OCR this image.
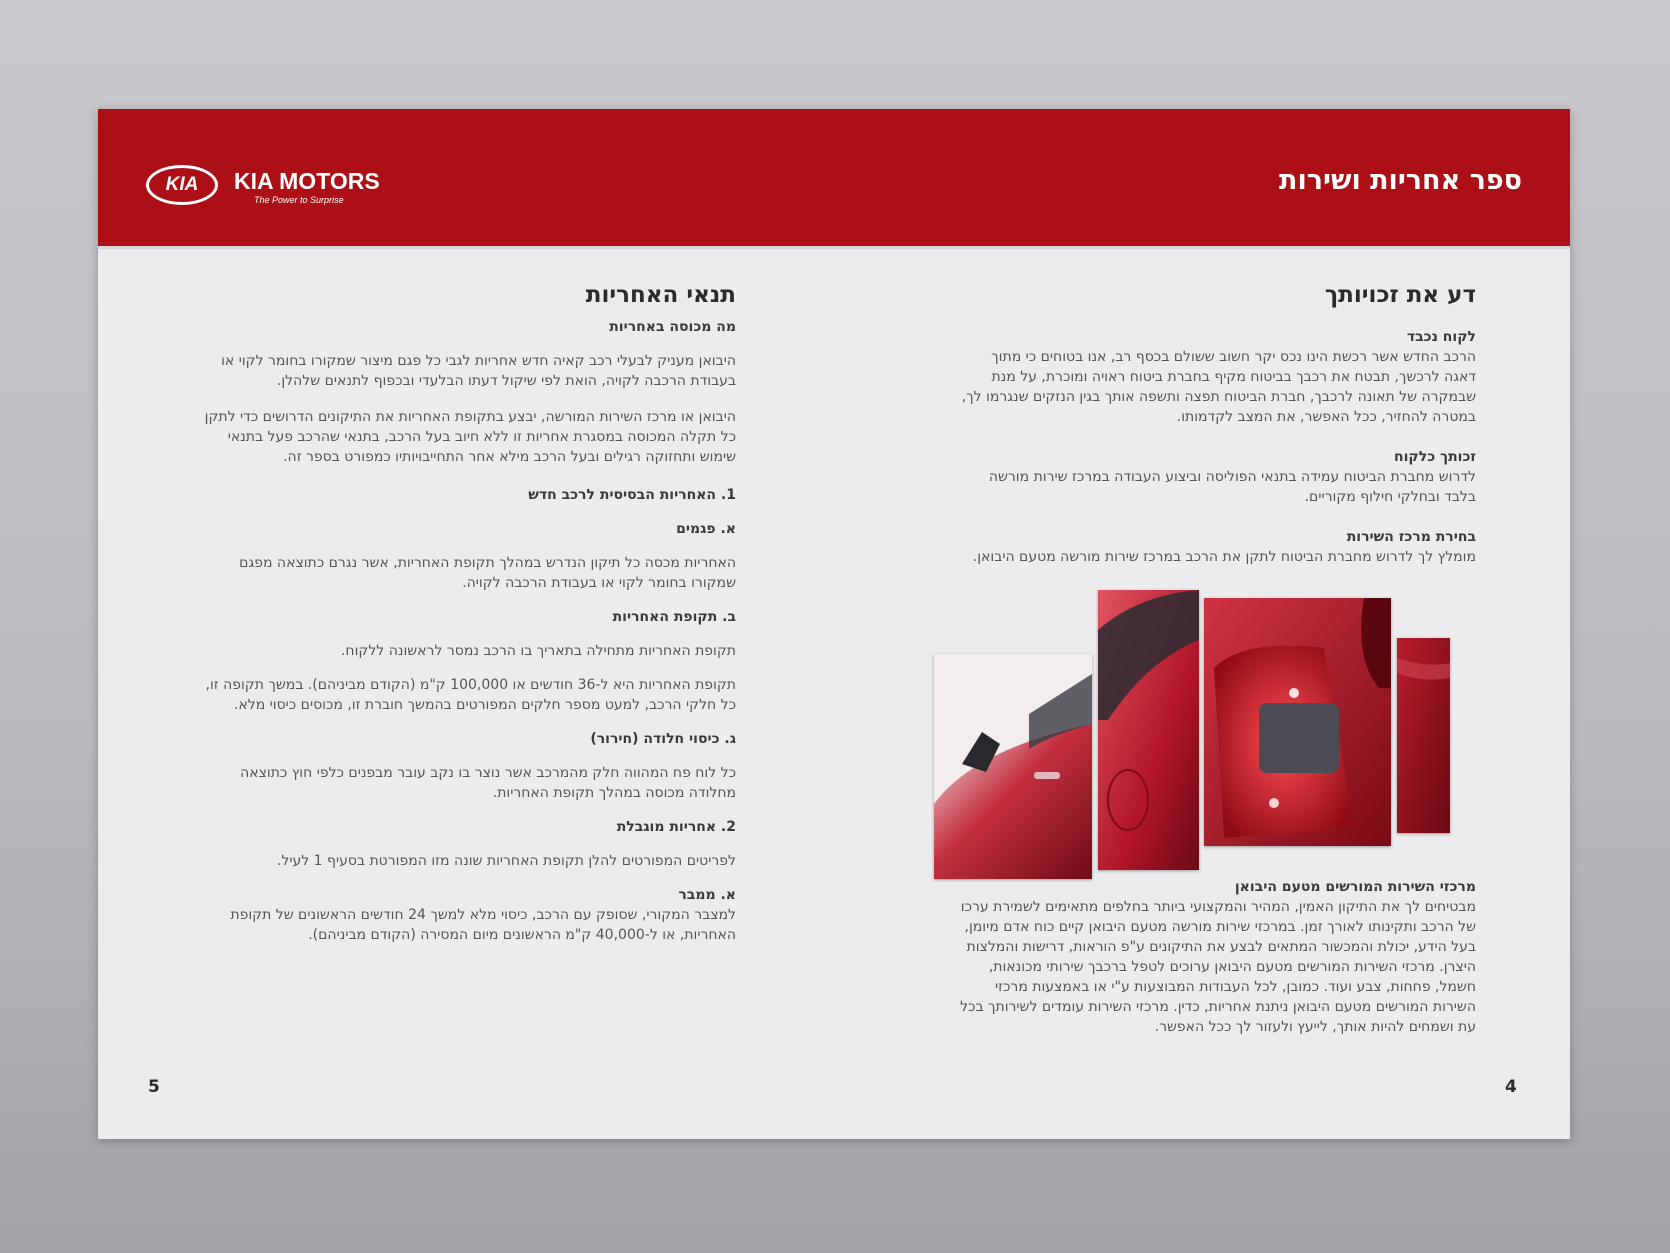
KIA	KIA MOTORS
The Power to Surprise
ספר אחריות ושירות
דע את זכויותך
לקוח נכבד

הרכב החדש אשר רכשת הינו נכס יקר חשוב ששולם בכסף רב, אנו בטוחים כי מתוך דאגה לרכשך, תבטח את רכבך בביטוח מקיף בחברת ביטוח ראויה ומוכרת, על מנת שבמקרה של תאונה לרכבך, חברת הביטוח תפצה ותשפה אותך בגין הנזקים שנגרמו לך, במטרה להחזיר, ככל האפשר, את המצב לקדמותו.

זכותך כלקוח

לדרוש מחברת הביטוח עמידה בתנאי הפוליסה וביצוע העבודה במרכז שירות מורשה בלבד ובחלקי חילוף מקוריים.

בחירת מרכז השירות

מומלץ לך לדרוש מחברת הביטוח לתקן את הרכב במרכז שירות מורשה מטעם היבואן.

מרכזי השירות המורשים מטעם היבואן

מבטיחים לך את התיקון האמין, המהיר והמקצועי ביותר בחלפים מתאימים לשמירת ערכו של הרכב ותקינותו לאורך זמן. במרכזי שירות מורשה מטעם היבואן קיים כוח אדם מיומן, בעל הידע, יכולת והמכשור המתאים לבצע את התיקונים ע"פ הוראות, דרישות והמלצות היצרן. מרכזי השירות המורשים מטעם היבואן ערוכים לטפל ברכבך שירותי מכונאות, חשמל, פחחות, צבע ועוד. כמובן, לכל העבודות המבוצעות ע"י או באמצעות מרכזי השירות המורשים מטעם היבואן ניתנת אחריות, כדין. מרכזי השירות עומדים לשירותך בכל עת ושמחים להיות אותך, לייעץ ולעזור לך ככל האפשר.

4
תנאי האחריות
מה מכוסה באחריות

היבואן מעניק לבעלי רכב קאיה חדש אחריות לגבי כל פגם מיצור שמקורו בחומר לקוי או בעבודת הרכבה לקויה, הואת לפי שיקול דעתו הבלעדי ובכפוף לתנאים שלהלן.

היבואן או מרכז השירות המורשה, יבצע בתקופת האחריות את התיקונים הדרושים כדי לתקן כל תקלה המכוסה במסגרת אחריות זו ללא חיוב בעל הרכב, בתנאי שהרכב פעל בתנאי שימוש ותחזוקה רגילים ובעל הרכב מילא אחר התחייבויותיו כמפורט בספר זה.

1. האחריות הבסיסית לרכב חדש
א. פגמים

האחריות מכסה כל תיקון הנדרש במהלך תקופת האחריות, אשר נגרם כתוצאה מפגם שמקורו בחומר לקוי או בעבודת הרכבה לקויה.

ב. תקופת האחריות

תקופת האחריות מתחילה בתאריך בו הרכב נמסר לראשונה ללקוח.

תקופת האחריות היא ל-36 חודשים או 100,000 ק"מ (הקודם מביניהם). במשך תקופה זו, כל חלקי הרכב, למעט מספר חלקים המפורטים בהמשך חוברת זו, מכוסים כיסוי מלא.

ג. כיסוי חלודה (חירור)

כל לוח פח המהווה חלק מהמרכב אשר נוצר בו נקב עובר מבפנים כלפי חוץ כתוצאה מחלודה מכוסה במהלך תקופת האחריות.

2. אחריות מוגבלת

לפריטים המפורטים להלן תקופת האחריות שונה מזו המפורטת בסעיף 1 לעיל.

א. ממבר

למצבר המקורי, שסופק עם הרכב, כיסוי מלא למשך 24 חודשים הראשונים של תקופת האחריות, או ל-40,000 ק"מ הראשונים מיום המסירה (הקודם מביניהם).

5
